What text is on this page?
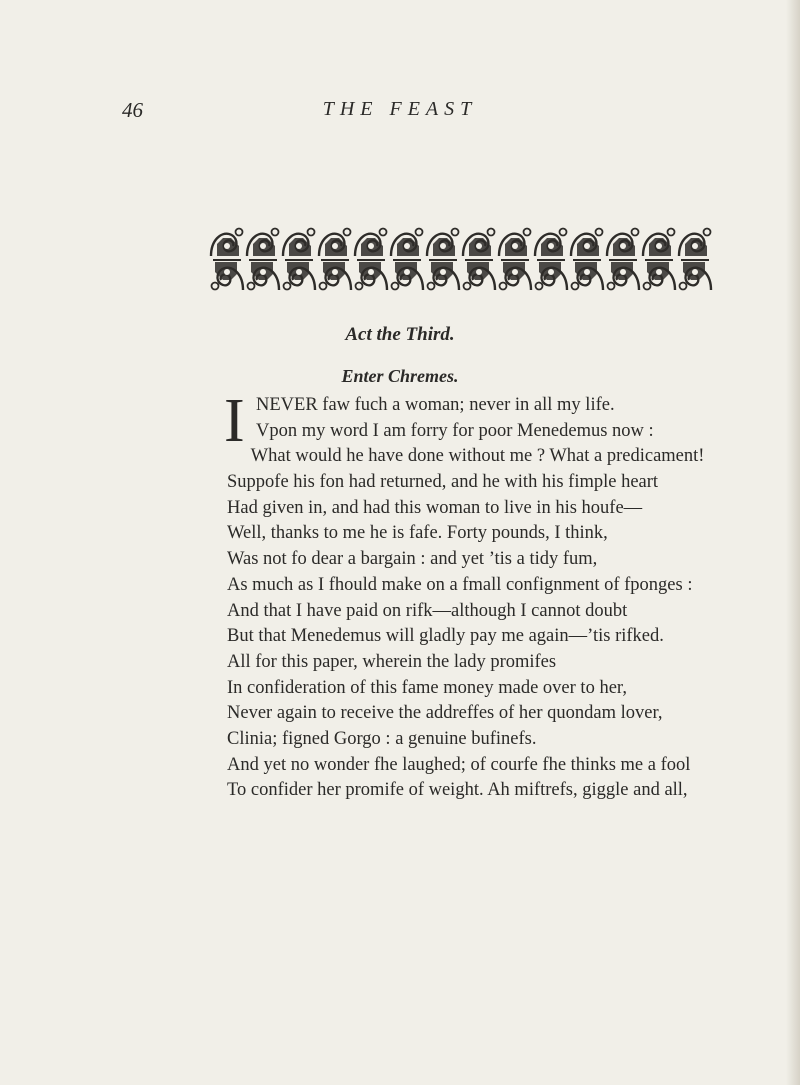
46	THE FEAST
Act the Third.
Enter Chremes.
I NEVER faw fuch a woman; never in all my life.
Vpon my word I am forry for poor Menedemus now :
What would he have done without me ? What a predicament!
Suppofe his fon had returned, and he with his fimple heart
Had given in, and had this woman to live in his houfe—
Well, thanks to me he is fafe. Forty pounds, I think,
Was not fo dear a bargain : and yet ’tis a tidy fum,
As much as I fhould make on a fmall confignment of fponges :
And that I have paid on rifk—although I cannot doubt
But that Menedemus will gladly pay me again—’tis rifked.
All for this paper, wherein the lady promifes
In confideration of this fame money made over to her,
Never again to receive the addreffes of her quondam lover,
Clinia; figned Gorgo : a genuine bufinefs.
And yet no wonder fhe laughed; of courfe fhe thinks me a fool
To confider her promife of weight. Ah miftrefs, giggle and all,
